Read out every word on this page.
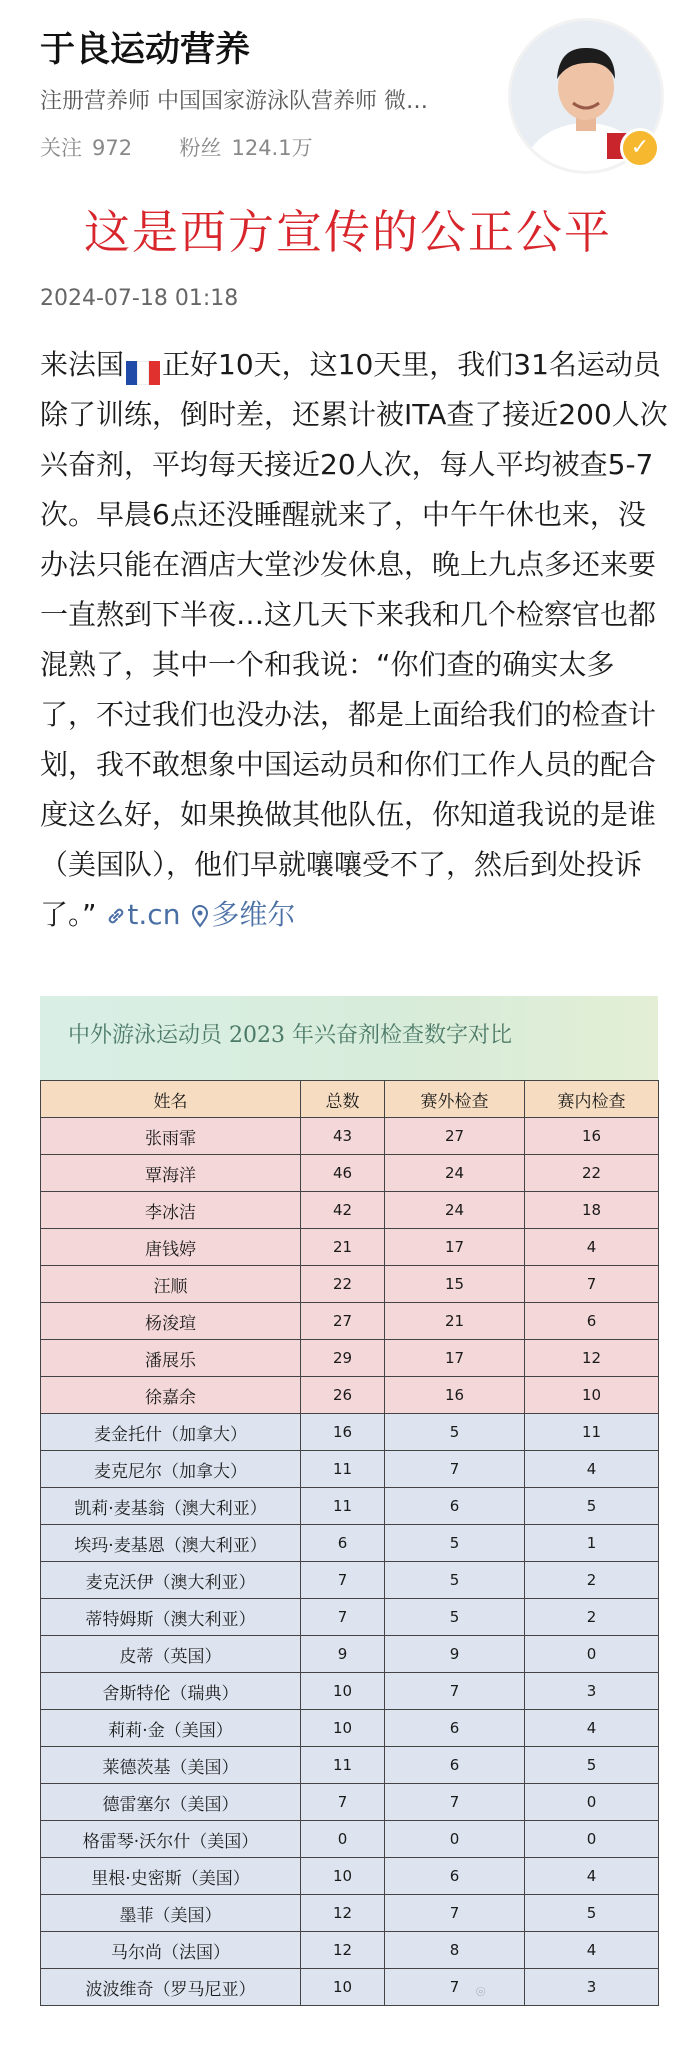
于良运动营养
注册营养师 中国国家游泳队营养师 微…
关注 972 粉丝 124.1万	✓
这是西方宣传的公正公平
2024-07-18 01:18
来法国 正好10天，这10天里，我们31名运动员除了训练，倒时差，还累计被ITA查了接近200人次兴奋剂，平均每天接近20人次，每人平均被查5-7次。早晨6点还没睡醒就来了，中午午休也来，没办法只能在酒店大堂沙发休息，晚上九点多还来要一直熬到下半夜…这几天下来我和几个检察官也都混熟了，其中一个和我说：“你们查的确实太多了，不过我们也没办法，都是上面给我们的检查计划，我不敢想象中国运动员和你们工作人员的配合度这么好，如果换做其他队伍，你知道我说的是谁（美国队），他们早就嚷嚷受不了，然后到处投诉了。” t.cn 多维尔
中外游泳运动员 2023 年兴奋剂检查数字对比
姓名	总数	赛外检查	赛内检查
张雨霏	43	27	16
覃海洋	46	24	22
李冰洁	42	24	18
唐钱婷	21	17	4
汪顺	22	15	7
杨浚瑄	27	21	6
潘展乐	29	17	12
徐嘉余	26	16	10
麦金托什（加拿大）	16	5	11
麦克尼尔（加拿大）	11	7	4
凯莉·麦基翁（澳大利亚）	11	6	5
埃玛·麦基恩（澳大利亚）	6	5	1
麦克沃伊（澳大利亚）	7	5	2
蒂特姆斯（澳大利亚）	7	5	2
皮蒂（英国）	9	9	0
舍斯特伦（瑞典）	10	7	3
莉莉·金（美国）	10	6	4
莱德茨基（美国）	11	6	5
德雷塞尔（美国）	7	7	0
格雷琴·沃尔什（美国）	0	0	0
里根·史密斯（美国）	10	6	4
墨菲（美国）	12	7	5
马尔尚（法国）	12	8	4
波波维奇（罗马尼亚）	10	7	3
⌾
